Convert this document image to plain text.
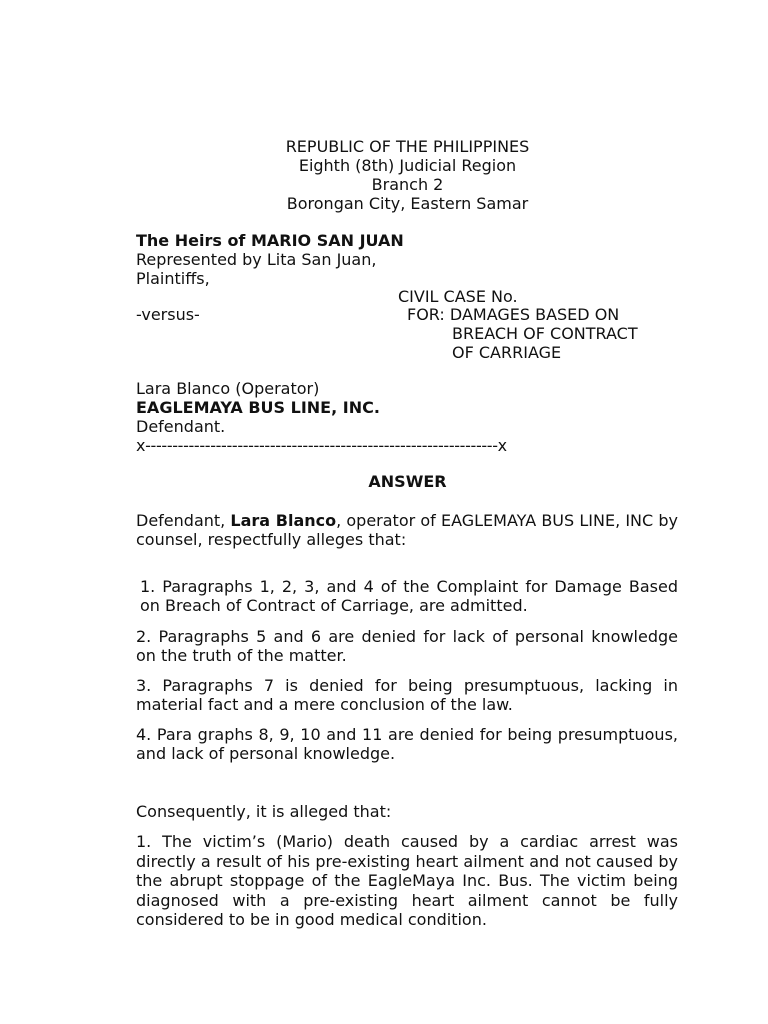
REPUBLIC OF THE PHILIPPINES
Eighth (8th) Judicial Region
Branch 2
Borongan City, Eastern Samar
The Heirs of MARIO SAN JUAN
Represented by Lita San Juan,
Plaintiffs,
CIVIL CASE No.
-versus-	FOR: DAMAGES BASED ON
BREACH OF CONTRACT
OF CARRIAGE
Lara Blanco (Operator)
EAGLEMAYA BUS LINE, INC.
Defendant.
x-----------------------------------------------------------------x
ANSWER
Defendant, Lara Blanco, operator of EAGLEMAYA BUS LINE, INC by counsel, respectfully alleges that:
1. Paragraphs 1, 2, 3, and 4 of the Complaint for Damage Based on Breach of Contract of Carriage, are admitted.
2. Paragraphs 5 and 6 are denied for lack of personal knowledge on the truth of the matter.
3. Paragraphs 7 is denied for being presumptuous, lacking in material fact and a mere conclusion of the law.
4. Para graphs 8, 9, 10 and 11 are denied for being presumptuous, and lack of personal knowledge.
Consequently, it is alleged that:
1. The victim’s (Mario) death caused by a cardiac arrest was directly a result of his pre-existing heart ailment and not caused by the abrupt stoppage of the EagleMaya Inc. Bus. The victim being diagnosed with a pre-existing heart ailment cannot be fully considered to be in good medical condition.
